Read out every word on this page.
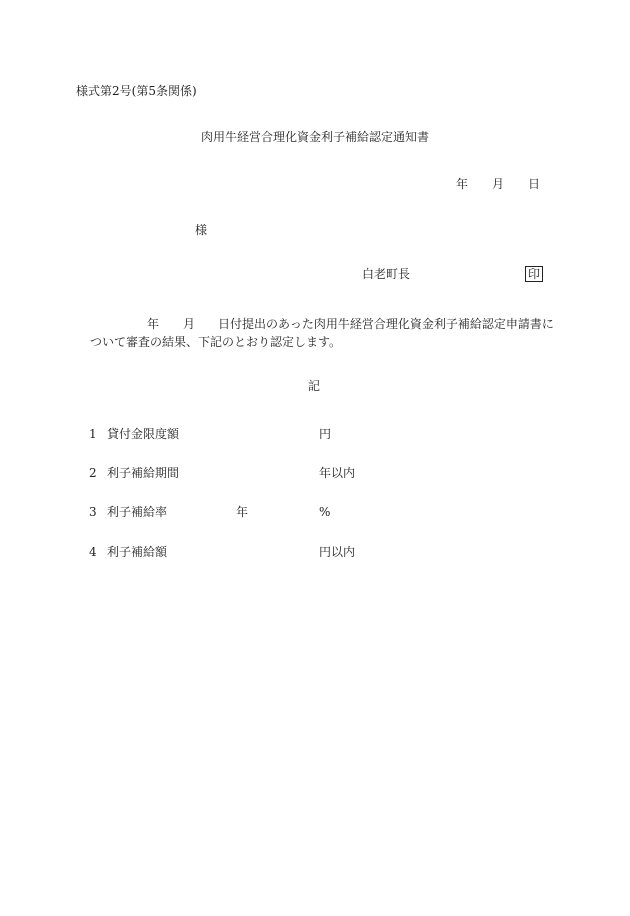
様式第2号(第5条関係)
肉用牛経営合理化資金利子補給認定通知書
年 月 日
様
白老町長	印
年 月 日付提出のあった肉用牛経営合理化資金利子補給認定申請書に
ついて審査の結果、下記のとおり認定します。
記
1 貸付金限度額	円
2 利子補給期間	年以内
3 利子補給率	年	%
4 利子補給額	円以内
